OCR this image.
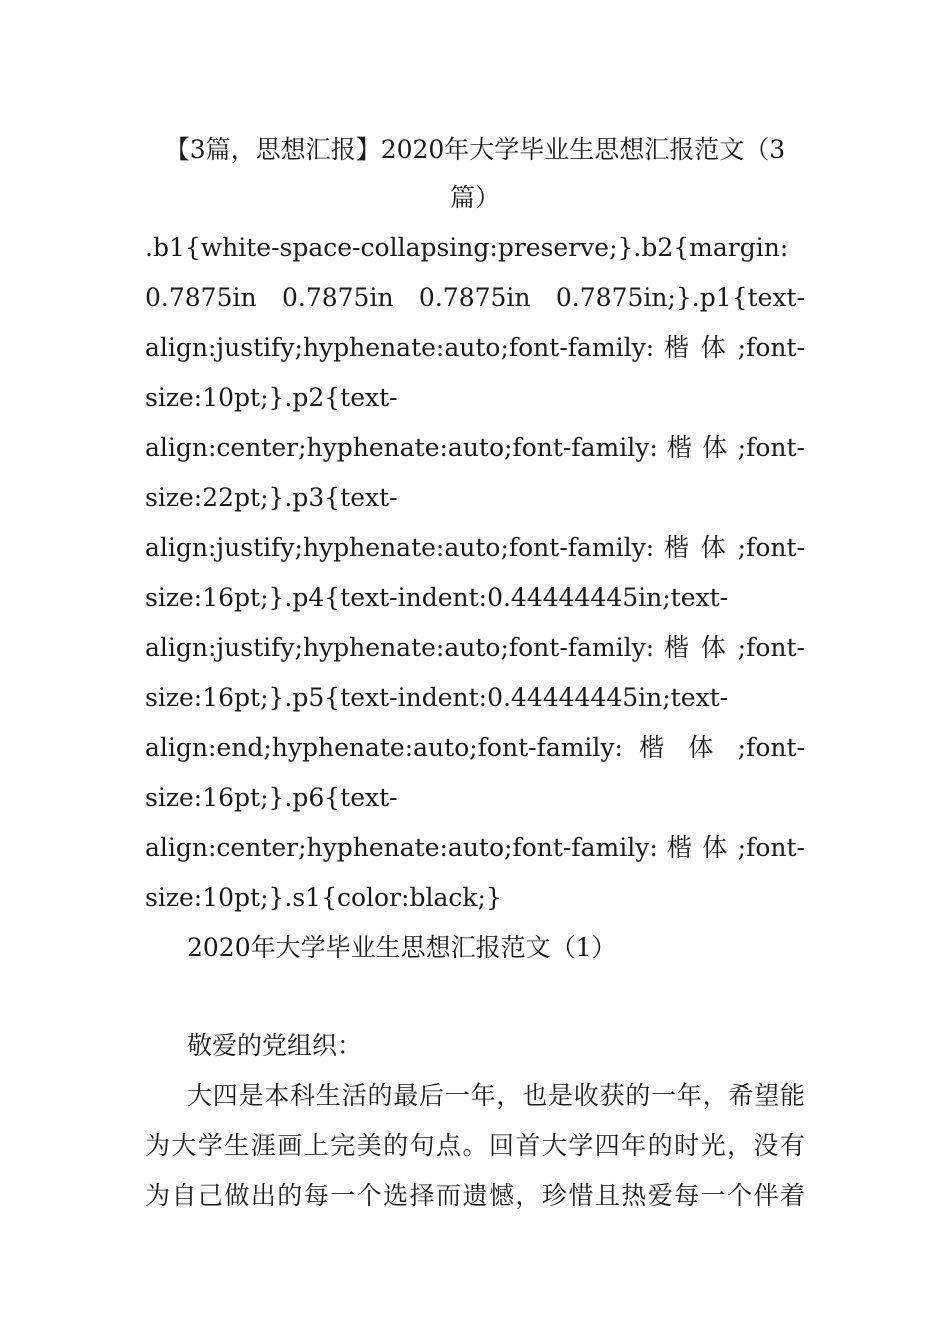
【3篇，思想汇报】2020年大学毕业生思想汇报范文（3
篇）
.b1{white-space-collapsing:preserve;}.b2{margin:
0.7875in 0.7875in 0.7875in 0.7875in;}.p1{text-
align:justify;hyphenate:auto;font-family: 楷 体 ;font-
size:10pt;}.p2{text-
align:center;hyphenate:auto;font-family: 楷 体 ;font-
size:22pt;}.p3{text-
align:justify;hyphenate:auto;font-family: 楷 体 ;font-
size:16pt;}.p4{text-indent:0.44444445in;text-
align:justify;hyphenate:auto;font-family: 楷 体 ;font-
size:16pt;}.p5{text-indent:0.44444445in;text-
align:end;hyphenate:auto;font-family: 楷 体 ;font-
size:16pt;}.p6{text-
align:center;hyphenate:auto;font-family: 楷 体 ;font-
size:10pt;}.s1{color:black;}
2020年大学毕业生思想汇报范文（1）
敬爱的党组织：
大四是本科生活的最后一年，也是收获的一年，希望能
为大学生涯画上完美的句点。回首大学四年的时光，没有
为自己做出的每一个选择而遗憾，珍惜且热爱每一个伴着
